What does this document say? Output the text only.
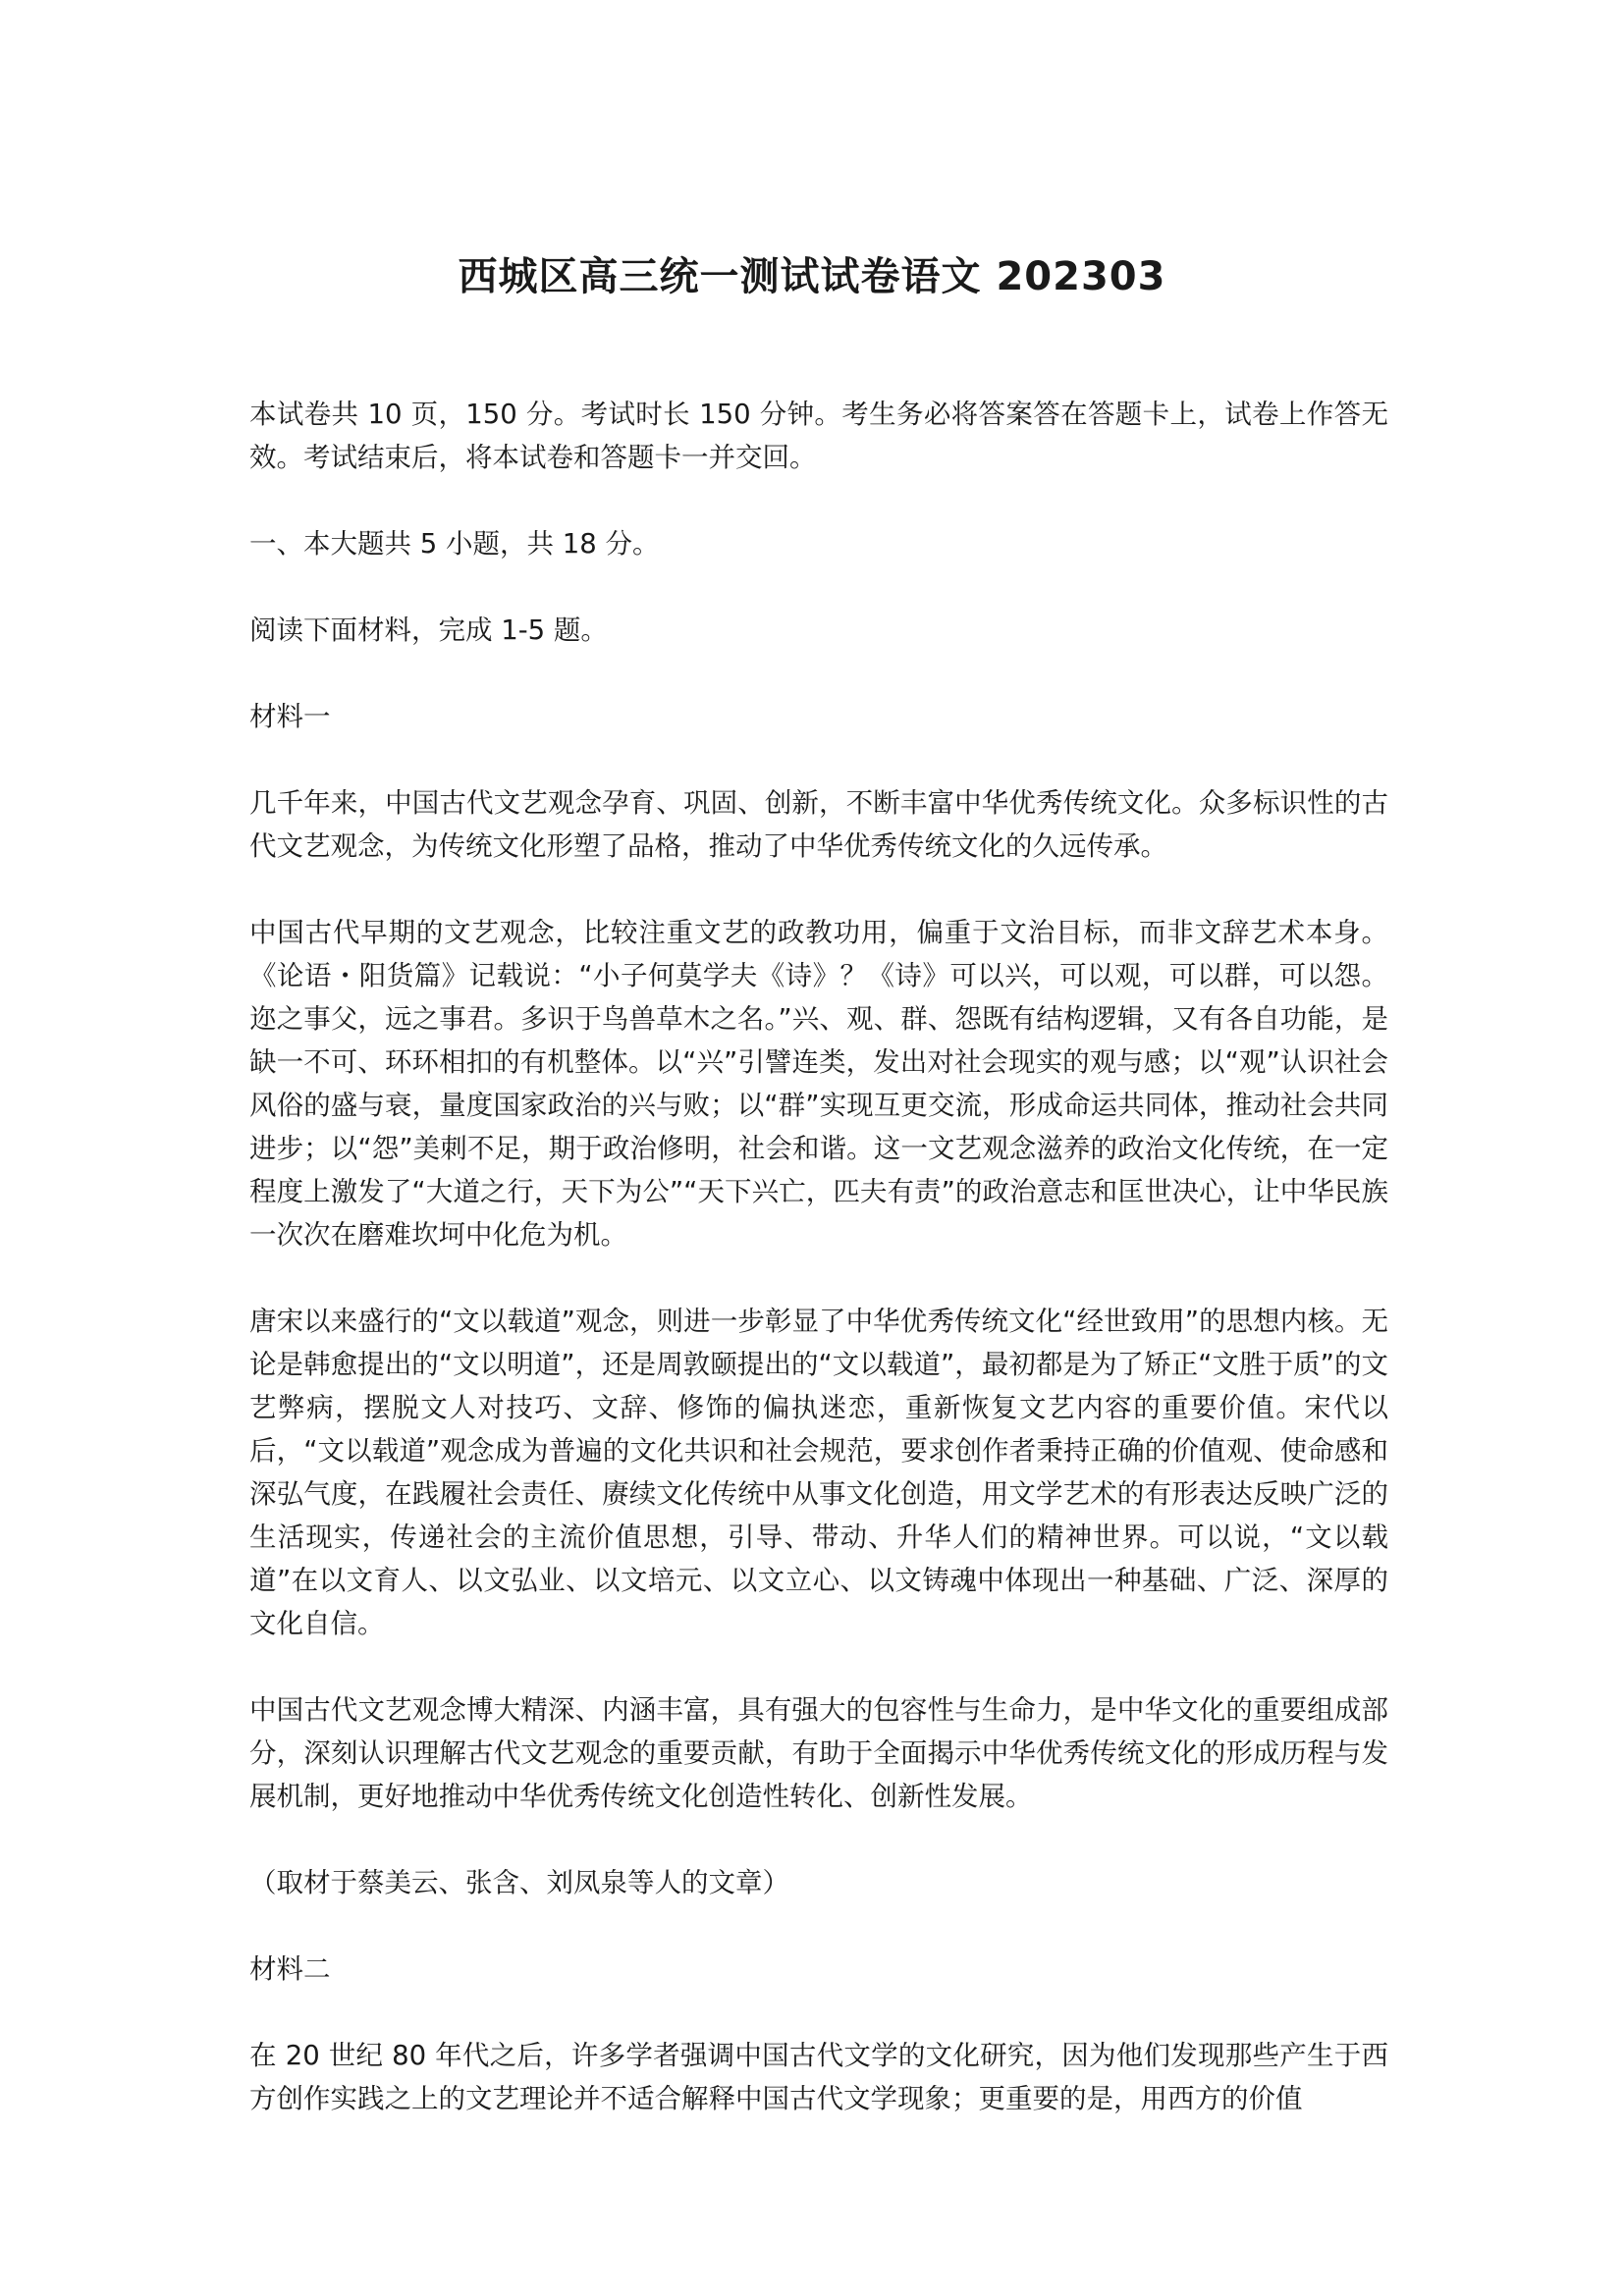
西城区高三统一测试试卷语文 202303

本试卷共 10 页，150 分。考试时长 150 分钟。考生务必将答案答在答题卡上，试卷上作答无效。考试结束后，将本试卷和答题卡一并交回。

一、本大题共 5 小题，共 18 分。

阅读下面材料，完成 1-5 题。

材料一

几千年来，中国古代文艺观念孕育、巩固、创新，不断丰富中华优秀传统文化。众多标识性的古代文艺观念，为传统文化形塑了品格，推动了中华优秀传统文化的久远传承。

中国古代早期的文艺观念，比较注重文艺的政教功用，偏重于文治目标，而非文辞艺术本身。《论语・阳货篇》记载说：“小子何莫学夫《诗》？《诗》可以兴，可以观，可以群，可以怨。迩之事父，远之事君。多识于鸟兽草木之名。”兴、观、群、怨既有结构逻辑，又有各自功能，是缺一不可、环环相扣的有机整体。以“兴”引譬连类，发出对社会现实的观与感；以“观”认识社会风俗的盛与衰，量度国家政治的兴与败；以“群”实现互更交流，形成命运共同体，推动社会共同进步；以“怨”美刺不足，期于政治修明，社会和谐。这一文艺观念滋养的政治文化传统，在一定程度上激发了“大道之行，天下为公”“天下兴亡，匹夫有责”的政治意志和匡世决心，让中华民族一次次在磨难坎坷中化危为机。

唐宋以来盛行的“文以载道”观念，则进一步彰显了中华优秀传统文化“经世致用”的思想内核。无论是韩愈提出的“文以明道”，还是周敦颐提出的“文以载道”，最初都是为了矫正“文胜于质”的文艺弊病，摆脱文人对技巧、文辞、修饰的偏执迷恋，重新恢复文艺内容的重要价值。宋代以后，“文以载道”观念成为普遍的文化共识和社会规范，要求创作者秉持正确的价值观、使命感和深弘气度，在践履社会责任、赓续文化传统中从事文化创造，用文学艺术的有形表达反映广泛的生活现实，传递社会的主流价值思想，引导、带动、升华人们的精神世界。可以说，“文以载道”在以文育人、以文弘业、以文培元、以文立心、以文铸魂中体现出一种基础、广泛、深厚的文化自信。

中国古代文艺观念博大精深、内涵丰富，具有强大的包容性与生命力，是中华文化的重要组成部分，深刻认识理解古代文艺观念的重要贡献，有助于全面揭示中华优秀传统文化的形成历程与发展机制，更好地推动中华优秀传统文化创造性转化、创新性发展。

（取材于蔡美云、张含、刘凤泉等人的文章）

材料二

在 20 世纪 80 年代之后，许多学者强调中国古代文学的文化研究，因为他们发现那些产生于西方创作实践之上的文艺理论并不适合解释中国古代文学现象；更重要的是，用西方的价值
